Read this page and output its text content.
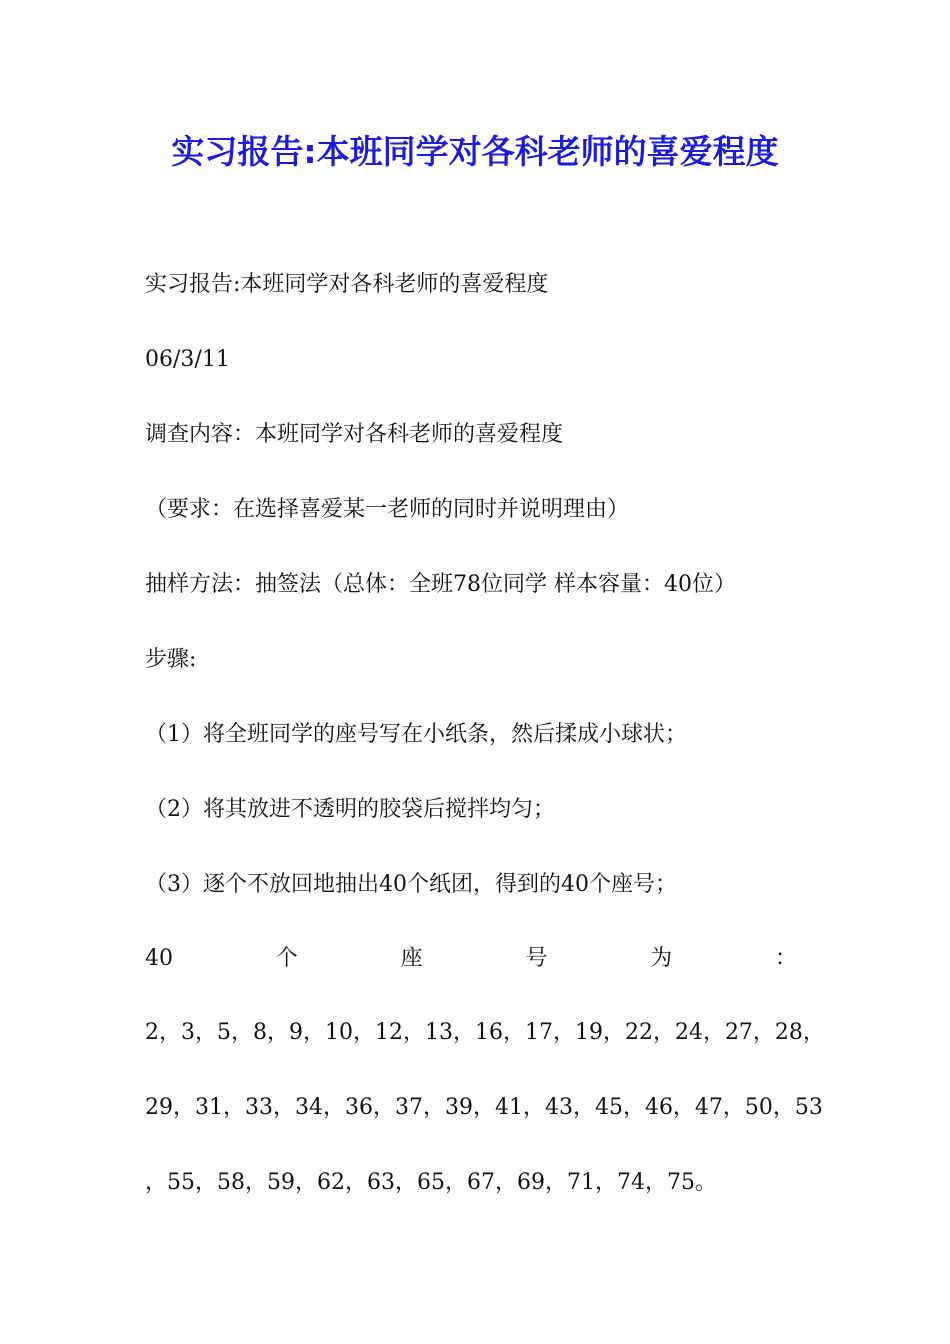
实习报告:本班同学对各科老师的喜爱程度

实习报告:本班同学对各科老师的喜爱程度

06/3/11

调查内容：本班同学对各科老师的喜爱程度

（要求：在选择喜爱某一老师的同时并说明理由）

抽样方法：抽签法（总体：全班78位同学 样本容量：40位）

步骤:

（1）将全班同学的座号写在小纸条，然后揉成小球状；

（2）将其放进不透明的胶袋后搅拌均匀；

（3）逐个不放回地抽出40个纸团，得到的40个座号；

40	个	座	号	为	：

2，3，5，8，9，10，12，13，16，17，19，22，24，27，28，

29，31，33，34，36，37，39，41，43，45，46，47，50，53

，55，58，59，62，63，65，67，69，71，74，75。
